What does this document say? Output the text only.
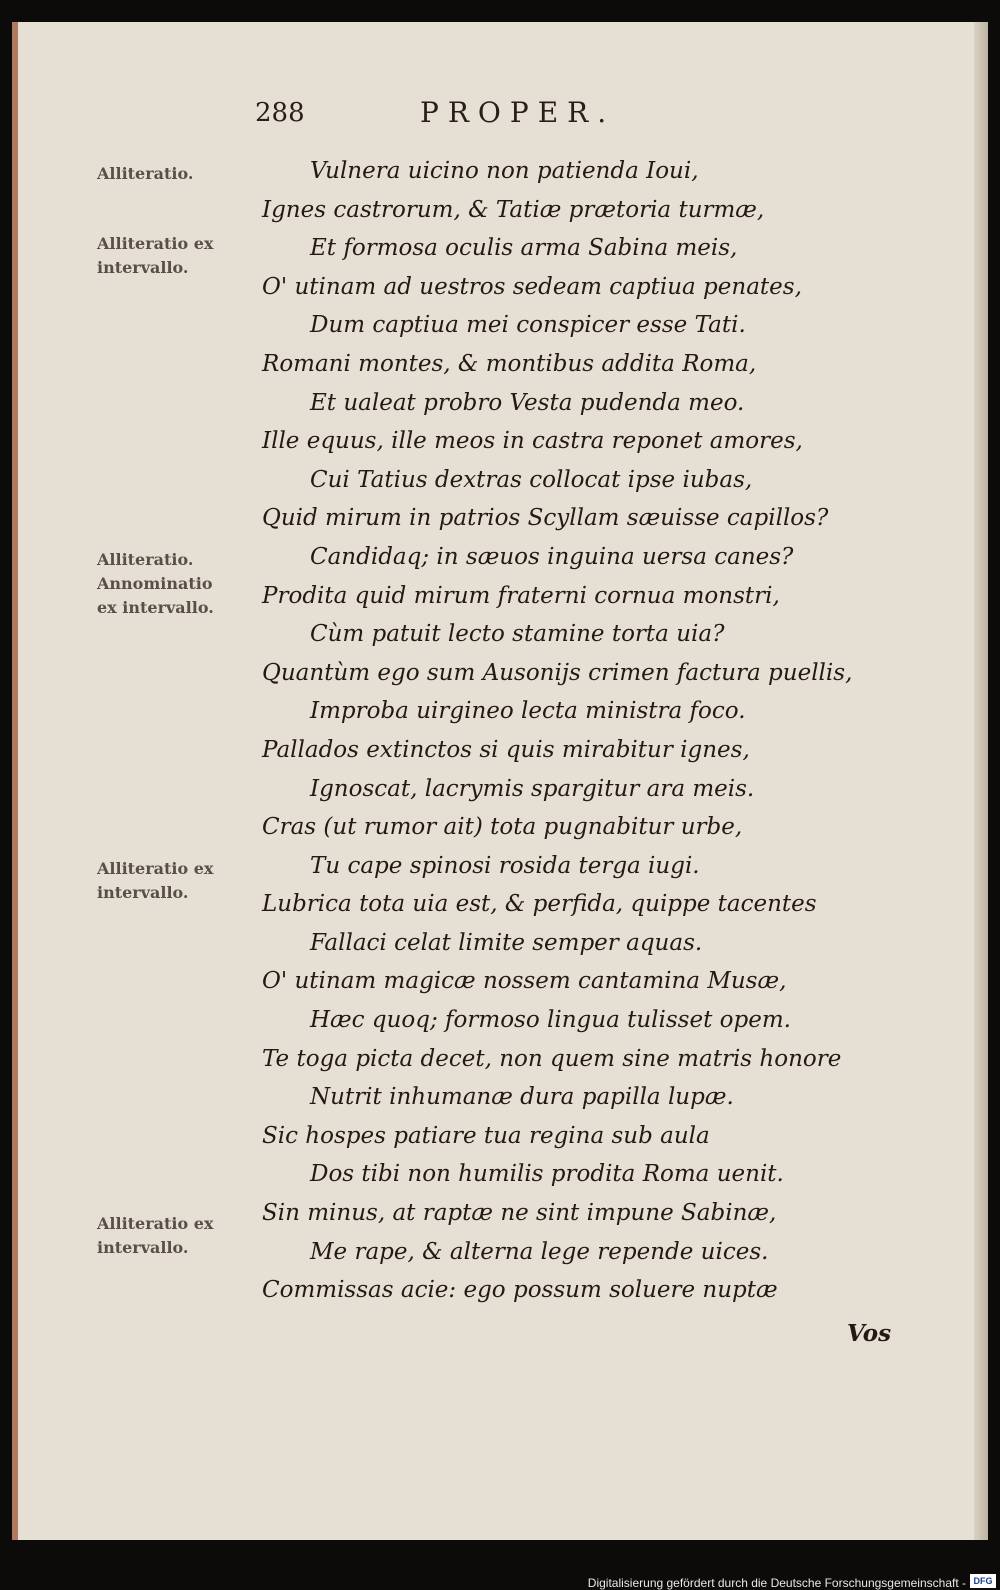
288	PROPER.
Alliteratio.
Alliteratio ex
intervallo.
Alliteratio.
Annominatio
ex intervallo.
Alliteratio ex
intervallo.
Alliteratio ex
intervallo.
Vulnera uicino non patienda Ioui,
Ignes castrorum, & Tatiæ prætoria turmæ,
Et formosa oculis arma Sabina meis,
O' utinam ad uestros sedeam captiua penates,
Dum captiua mei conspicer esse Tati.
Romani montes, & montibus addita Roma,
Et ualeat probro Vesta pudenda meo.
Ille equus, ille meos in castra reponet amores,
Cui Tatius dextras collocat ipse iubas,
Quid mirum in patrios Scyllam sæuisse capillos?
Candidaq; in sæuos inguina uersa canes?
Prodita quid mirum fraterni cornua monstri,
Cùm patuit lecto stamine torta uia?
Quantùm ego sum Ausonijs crimen factura puellis,
Improba uirgineo lecta ministra foco.
Pallados extinctos si quis mirabitur ignes,
Ignoscat, lacrymis spargitur ara meis.
Cras (ut rumor ait) tota pugnabitur urbe,
Tu cape spinosi rosida terga iugi.
Lubrica tota uia est, & perfida, quippe tacentes
Fallaci celat limite semper aquas.
O' utinam magicæ nossem cantamina Musæ,
Hæc quoq; formoso lingua tulisset opem.
Te toga picta decet, non quem sine matris honore
Nutrit inhumanæ dura papilla lupæ.
Sic hospes patiare tua regina sub aula
Dos tibi non humilis prodita Roma uenit.
Sin minus, at raptæ ne sint impune Sabinæ,
Me rape, & alterna lege repende uices.
Commissas acie: ego possum soluere nuptæ
Vos
Digitalisierung gefördert durch die Deutsche Forschungsgemeinschaft - DFG
